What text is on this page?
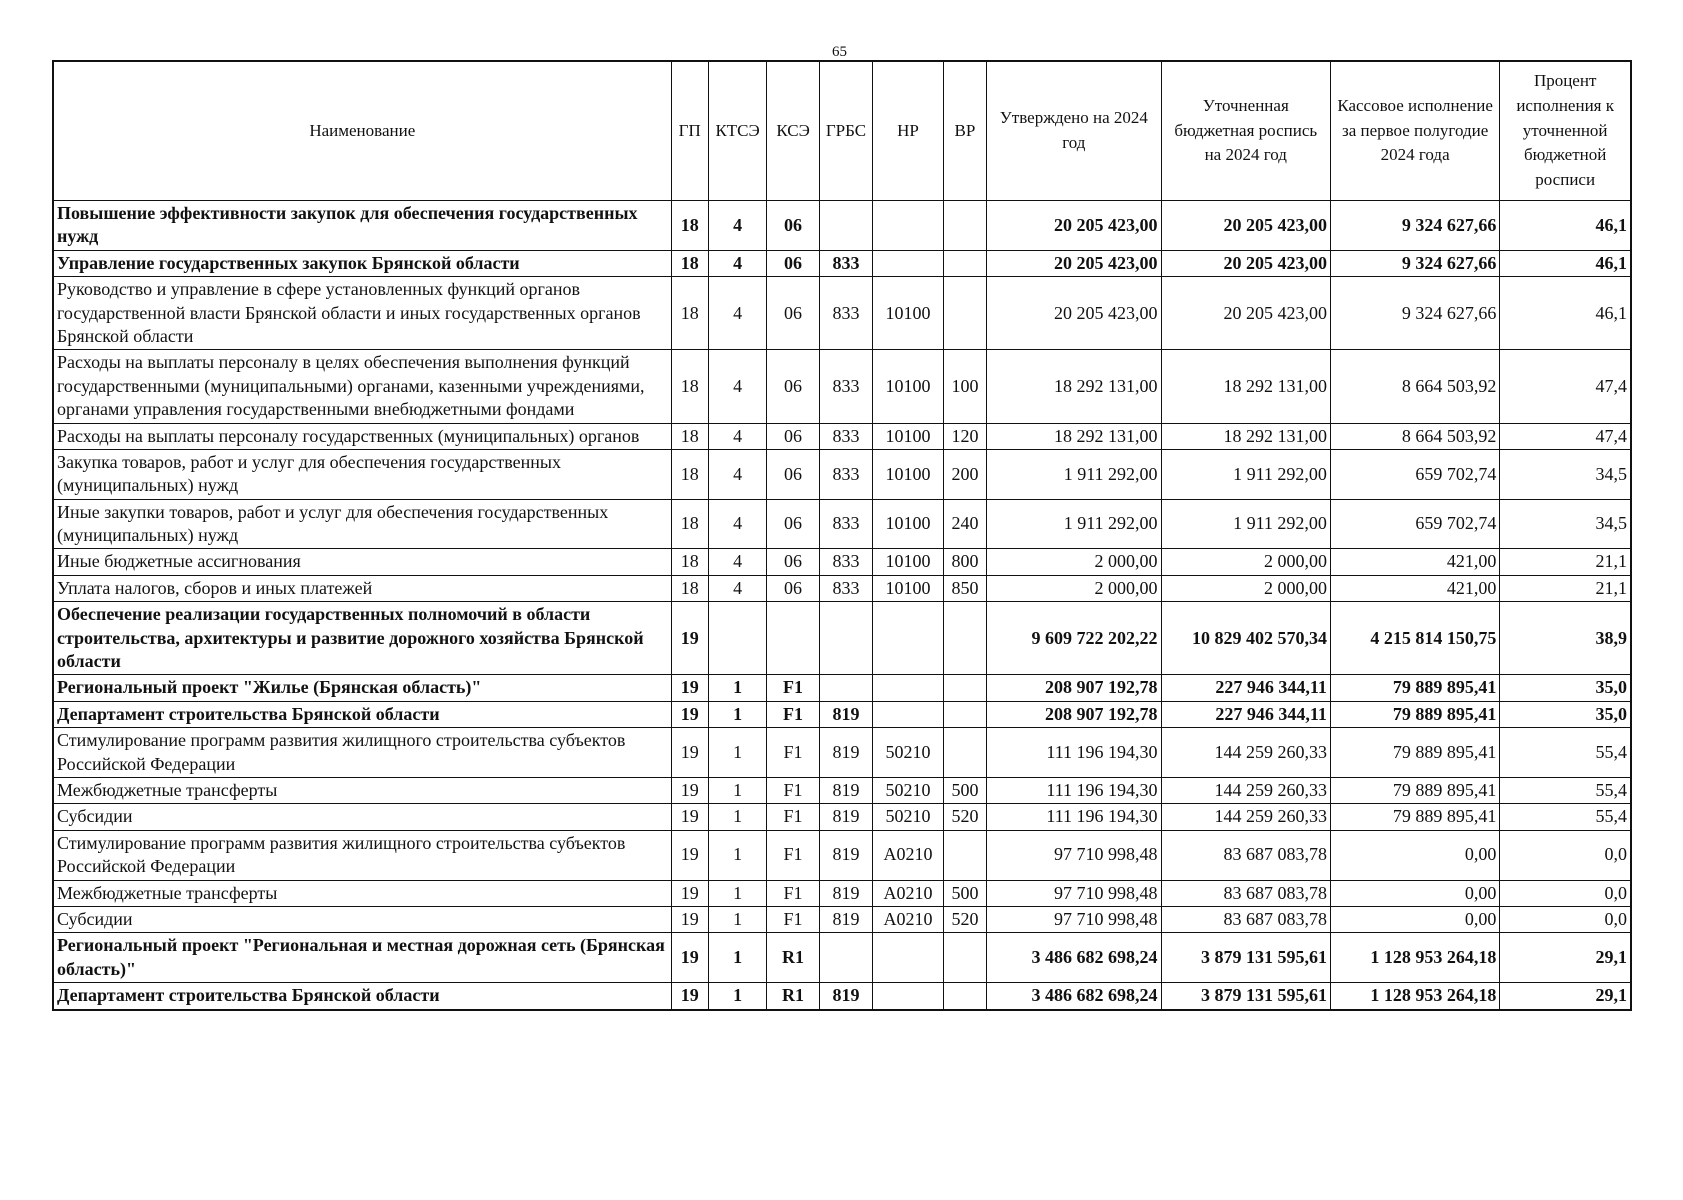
65
Наименование	ГП	КТСЭ	КСЭ	ГРБС	НР	ВР	Утверждено на 2024 год	Уточненная бюджетная роспись на 2024 год	Кассовое исполнение за первое полугодие 2024 года	Процент исполнения к уточненной бюджетной росписи
Повышение эффективности закупок для обеспечения государственных нужд	18	4	06				20 205 423,00	20 205 423,00	9 324 627,66	46,1
Управление государственных закупок Брянской области	18	4	06	833			20 205 423,00	20 205 423,00	9 324 627,66	46,1
Руководство и управление в сфере установленных функций органов государственной власти Брянской области и иных государственных органов Брянской области	18	4	06	833	10100		20 205 423,00	20 205 423,00	9 324 627,66	46,1
Расходы на выплаты персоналу в целях обеспечения выполнения функций государственными (муниципальными) органами, казенными учреждениями, органами управления государственными внебюджетными фондами	18	4	06	833	10100	100	18 292 131,00	18 292 131,00	8 664 503,92	47,4
Расходы на выплаты персоналу государственных (муниципальных) органов	18	4	06	833	10100	120	18 292 131,00	18 292 131,00	8 664 503,92	47,4
Закупка товаров, работ и услуг для обеспечения государственных (муниципальных) нужд	18	4	06	833	10100	200	1 911 292,00	1 911 292,00	659 702,74	34,5
Иные закупки товаров, работ и услуг для обеспечения государственных (муниципальных) нужд	18	4	06	833	10100	240	1 911 292,00	1 911 292,00	659 702,74	34,5
Иные бюджетные ассигнования	18	4	06	833	10100	800	2 000,00	2 000,00	421,00	21,1
Уплата налогов, сборов и иных платежей	18	4	06	833	10100	850	2 000,00	2 000,00	421,00	21,1
Обеспечение реализации государственных полномочий в области строительства, архитектуры и развитие дорожного хозяйства Брянской области	19						9 609 722 202,22	10 829 402 570,34	4 215 814 150,75	38,9
Региональный проект "Жилье (Брянская область)"	19	1	F1				208 907 192,78	227 946 344,11	79 889 895,41	35,0
Департамент строительства Брянской области	19	1	F1	819			208 907 192,78	227 946 344,11	79 889 895,41	35,0
Стимулирование программ развития жилищного строительства субъектов Российской Федерации	19	1	F1	819	50210		111 196 194,30	144 259 260,33	79 889 895,41	55,4
Межбюджетные трансферты	19	1	F1	819	50210	500	111 196 194,30	144 259 260,33	79 889 895,41	55,4
Субсидии	19	1	F1	819	50210	520	111 196 194,30	144 259 260,33	79 889 895,41	55,4
Стимулирование программ развития жилищного строительства субъектов Российской Федерации	19	1	F1	819	А0210		97 710 998,48	83 687 083,78	0,00	0,0
Межбюджетные трансферты	19	1	F1	819	А0210	500	97 710 998,48	83 687 083,78	0,00	0,0
Субсидии	19	1	F1	819	А0210	520	97 710 998,48	83 687 083,78	0,00	0,0
Региональный проект "Региональная и местная дорожная сеть (Брянская область)"	19	1	R1				3 486 682 698,24	3 879 131 595,61	1 128 953 264,18	29,1
Департамент строительства Брянской области	19	1	R1	819			3 486 682 698,24	3 879 131 595,61	1 128 953 264,18	29,1
